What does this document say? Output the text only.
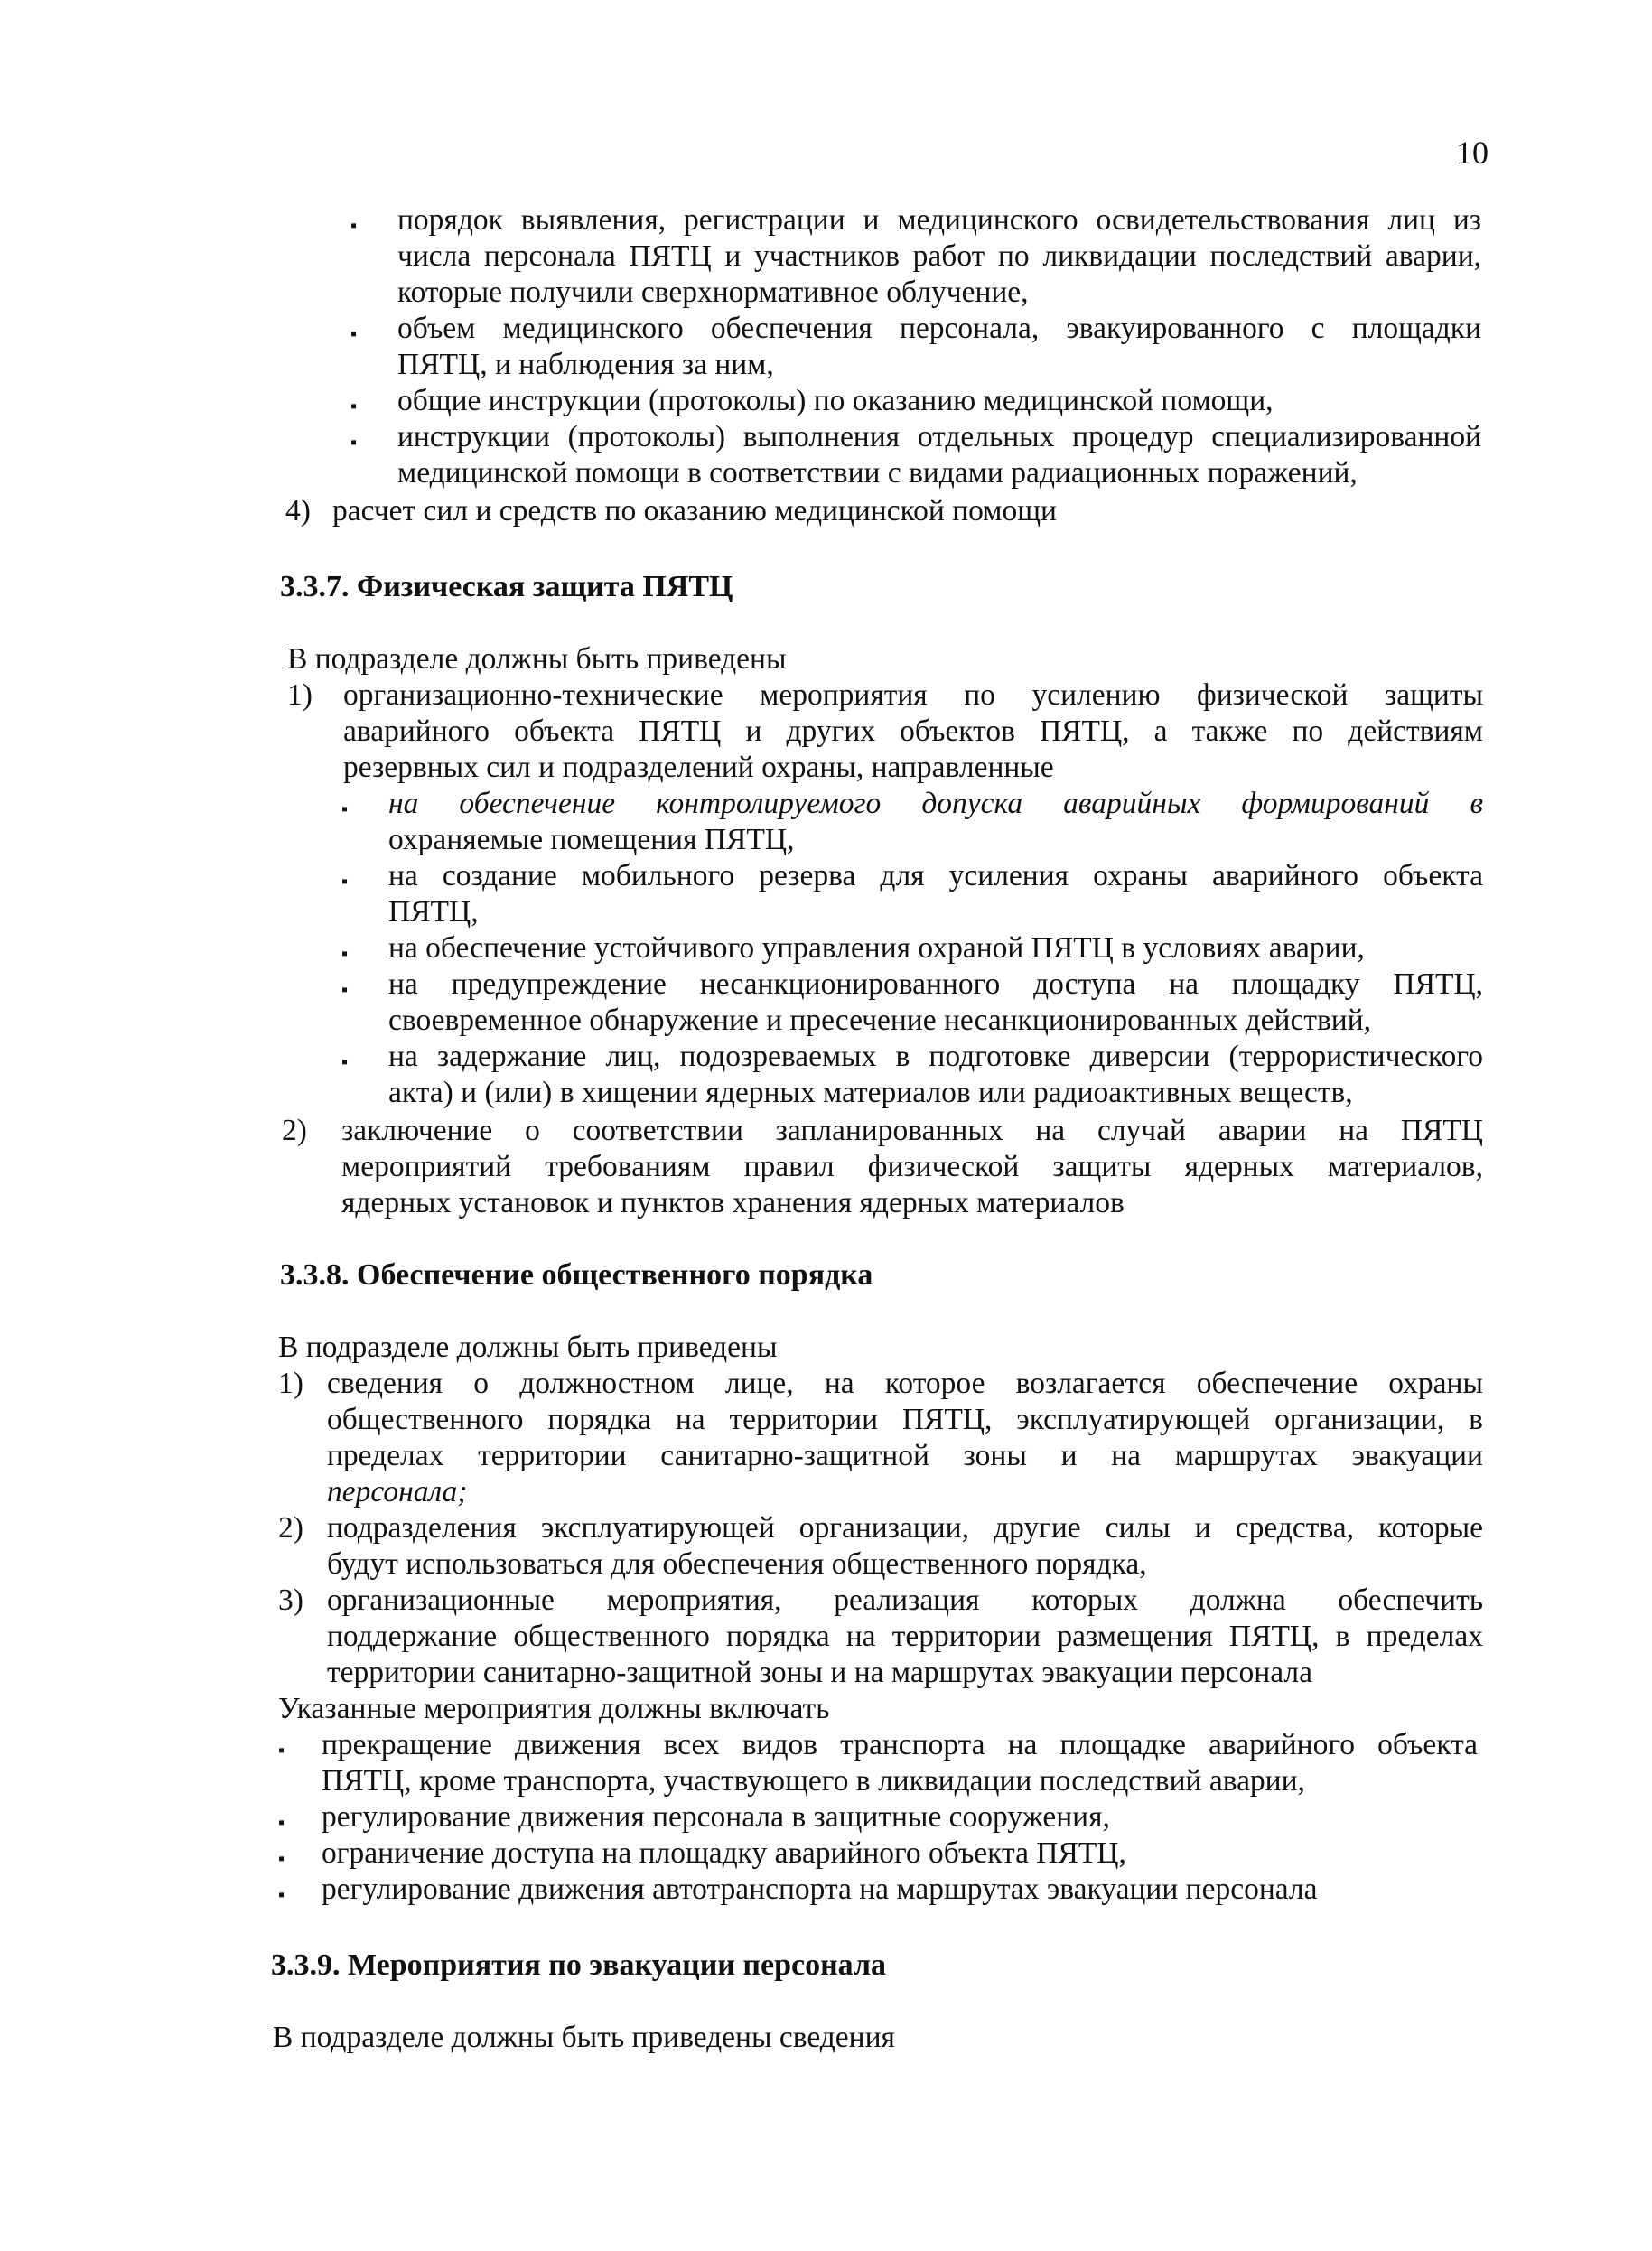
10
▪ порядок выявления, регистрации и медицинского освидетельствования лиц из
числа персонала ПЯТЦ и участников работ по ликвидации последствий аварии,
которые получили сверхнормативное облучение,
▪ объем медицинского обеспечения персонала, эвакуированного с площадки
ПЯТЦ, и наблюдения за ним,
▪ общие инструкции (протоколы) по оказанию медицинской помощи,
▪ инструкции (протоколы) выполнения отдельных процедур специализированной
медицинской помощи в соответствии с видами радиационных поражений,
4) расчет сил и средств по оказанию медицинской помощи
3.3.7. Физическая защита ПЯТЦ
В подразделе должны быть приведены
1) организационно-технические мероприятия по усилению физической защиты
аварийного объекта ПЯТЦ и других объектов ПЯТЦ, а также по действиям
резервных сил и подразделений охраны, направленные
▪ на обеспечение контролируемого допуска аварийных формирований в
охраняемые помещения ПЯТЦ,
▪ на создание мобильного резерва для усиления охраны аварийного объекта
ПЯТЦ,
▪ на обеспечение устойчивого управления охраной ПЯТЦ в условиях аварии,
▪ на предупреждение несанкционированного доступа на площадку ПЯТЦ,
своевременное обнаружение и пресечение несанкционированных действий,
▪ на задержание лиц, подозреваемых в подготовке диверсии (террористического
акта) и (или) в хищении ядерных материалов или радиоактивных веществ,
2) заключение о соответствии запланированных на случай аварии на ПЯТЦ
мероприятий требованиям правил физической защиты ядерных материалов,
ядерных установок и пунктов хранения ядерных материалов
3.3.8. Обеспечение общественного порядка
В подразделе должны быть приведены
1) сведения о должностном лице, на которое возлагается обеспечение охраны
общественного порядка на территории ПЯТЦ, эксплуатирующей организации, в
пределах территории санитарно-защитной зоны и на маршрутах эвакуации
персонала;
2) подразделения эксплуатирующей организации, другие силы и средства, которые
будут использоваться для обеспечения общественного порядка,
3) организационные мероприятия, реализация которых должна обеспечить
поддержание общественного порядка на территории размещения ПЯТЦ, в пределах
территории санитарно-защитной зоны и на маршрутах эвакуации персонала
Указанные мероприятия должны включать
▪ прекращение движения всех видов транспорта на площадке аварийного объекта
ПЯТЦ, кроме транспорта, участвующего в ликвидации последствий аварии,
▪ регулирование движения персонала в защитные сооружения,
▪ ограничение доступа на площадку аварийного объекта ПЯТЦ,
▪ регулирование движения автотранспорта на маршрутах эвакуации персонала
3.3.9. Мероприятия по эвакуации персонала
В подразделе должны быть приведены сведения
